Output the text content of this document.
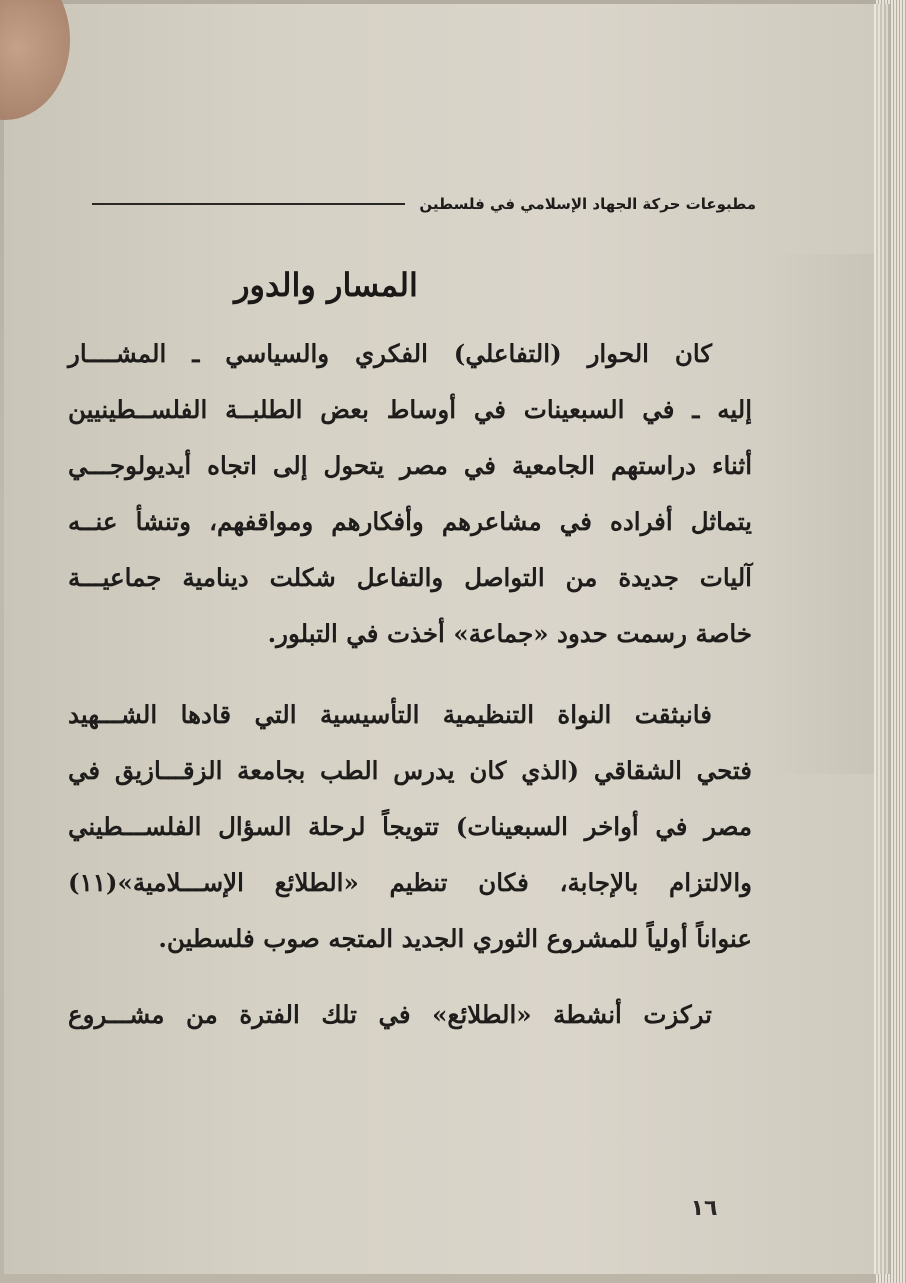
مطبوعات حركة الجهاد الإسلامي في فلسطين
المسار والدور
كان الحوار (التفاعلي) الفكري والسياسي ـ المشــــار
إليه ـ في السبعينات في أوساط بعض الطلبــة الفلســطينيين
أثناء دراستهم الجامعية في مصر يتحول إلى اتجاه أيديولوجـــي
يتماثل أفراده في مشاعرهم وأفكارهم ومواقفهم، وتنشأ عنــه
آليات جديدة من التواصل والتفاعل شكلت دينامية جماعيـــة
خاصة رسمت حدود «جماعة» أخذت في التبلور.
فانبثقت النواة التنظيمية التأسيسية التي قادها الشـــهيد
فتحي الشقاقي (الذي كان يدرس الطب بجامعة الزقـــازيق في
مصر في أواخر السبعينات) تتويجاً لرحلة السؤال الفلســـطيني
والالتزام بالإجابة، فكان تنظيم «الطلائع الإســـلامية»(١١)
عنواناً أولياً للمشروع الثوري الجديد المتجه صوب فلسطين.
تركزت أنشطة «الطلائع» في تلك الفترة من مشـــروع
١٦
